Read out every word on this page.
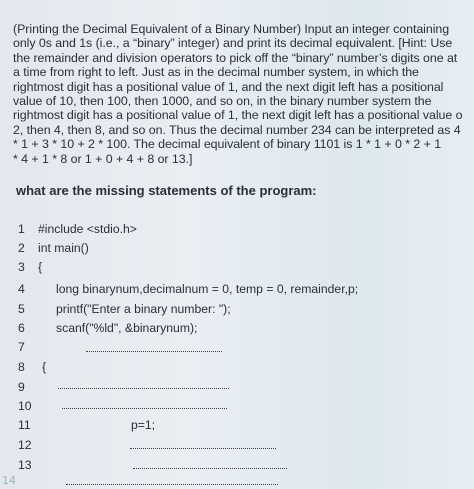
(Printing the Decimal Equivalent of a Binary Number) Input an integer containing
only 0s and 1s (i.e., a “binary” integer) and print its decimal equivalent. [Hint: Use
the remainder and division operators to pick off the “binary” number’s digits one at
a time from right to left. Just as in the decimal number system, in which the
rightmost digit has a positional value of 1, and the next digit left has a positional
value of 10, then 100, then 1000, and so on, in the binary number system the
rightmost digit has a positional value of 1, the next digit left has a positional value o
2, then 4, then 8, and so on. Thus the decimal number 234 can be interpreted as 4
* 1 + 3 * 10 + 2 * 100. The decimal equivalent of binary 1101 is 1 * 1 + 0 * 2 + 1
* 4 + 1 * 8 or 1 + 0 + 4 + 8 or 13.]
what are the missing statements of the program:
1 #include <stdio.h>
2 int main()
3 {
4	long binarynum,decimalnum = 0, temp = 0, remainder,p;
5	printf("Enter a binary number: ");
6	scanf("%ld", &binarynum);
7
8 {
9
10
11	p=1;
12
13
14
